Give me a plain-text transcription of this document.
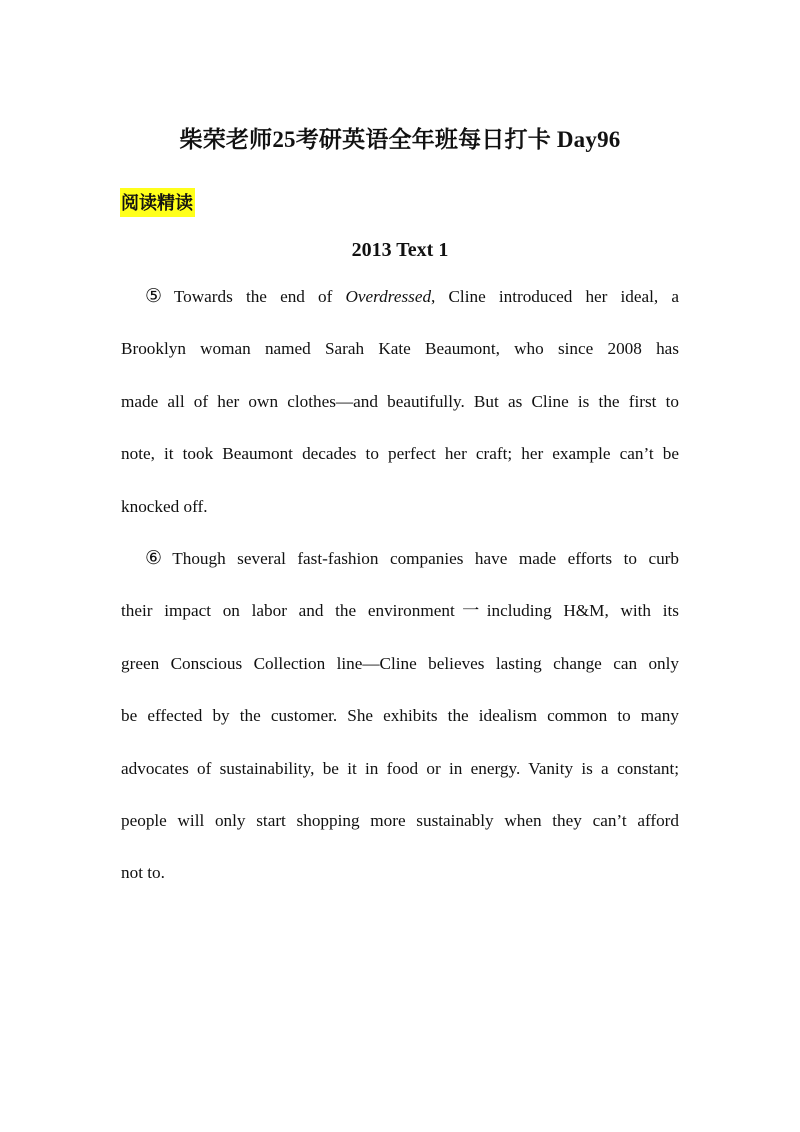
柴荣老师25考研英语全年班每日打卡 Day96
阅读精读
2013 Text 1
⑤ Towards the end of Overdressed, Cline introduced her ideal, a
Brooklyn woman named Sarah Kate Beaumont, who since 2008 has
made all of her own clothes—and beautifully. But as Cline is the first to
note, it took Beaumont decades to perfect her craft; her example can’t be
knocked off.
⑥ Though several fast-fashion companies have made efforts to curb
their impact on labor and the environment一including H&M, with its
green Conscious Collection line—Cline believes lasting change can only
be effected by the customer. She exhibits the idealism common to many
advocates of sustainability, be it in food or in energy. Vanity is a constant;
people will only start shopping more sustainably when they can’t afford
not to.
